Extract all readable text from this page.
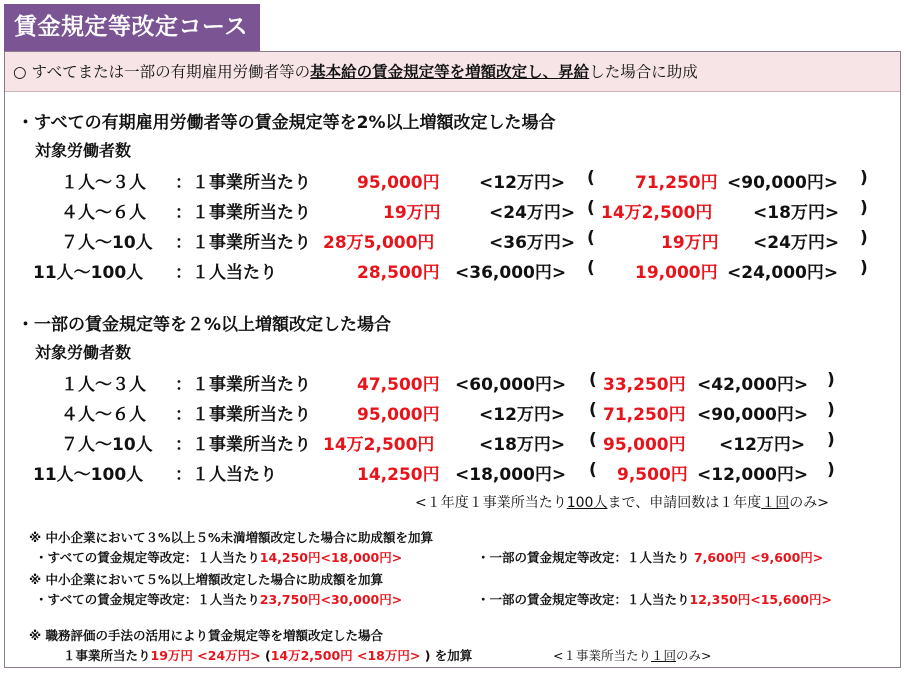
賃金規定等改定コース
○ すべてまたは一部の有期雇用労働者等の基本給の賃金規定等を増額改定し、昇給した場合に助成
・すべての有期雇用労働者等の賃金規定等を2%以上増額改定した場合
対象労働者数
１人～３人 ：１事業所当たり	95,000円 <12万円> ( 71,250円 <90,000円> )
４人～６人 ：１事業所当たり	19万円	<24万円> ( 14万2,500円 <18万円> )
７人～10人 ：１事業所当たり 28万5,000円	<36万円> (	19万円 <24万円> )
11人～100人 ：１人当たり	28,500円 <36,000円> ( 19,000円 <24,000円> )
・一部の賃金規定等を２%以上増額改定した場合
対象労働者数
１人～３人 ：１事業所当たり	47,500円 <60,000円> ( 33,250円 <42,000円> )
４人～６人 ：１事業所当たり	95,000円 <12万円> ( 71,250円 <90,000円> )
７人～10人 ：１事業所当たり 14万2,500円	<18万円> ( 95,000円 <12万円> )
11人～100人 ：１人当たり	14,250円 <18,000円> ( 9,500円 <12,000円> )
<１年度１事業所当たり100人まで、申請回数は１年度１回のみ>
※ 中小企業において３%以上５%未満増額改定した場合に助成額を加算
・すべての賃金規定等改定：１人当たり14,250円<18,000円>	・一部の賃金規定等改定：１人当たり 7,600円 <9,600円>
※ 中小企業において５%以上増額改定した場合に助成額を加算
・すべての賃金規定等改定：１人当たり23,750円<30,000円>	・一部の賃金規定等改定：１人当たり12,350円<15,600円>
※ 職務評価の手法の活用により賃金規定等を増額改定した場合
１事業所当たり19万円 <24万円> (14万2,500円 <18万円> ) を加算	<１事業所当たり１回のみ>
